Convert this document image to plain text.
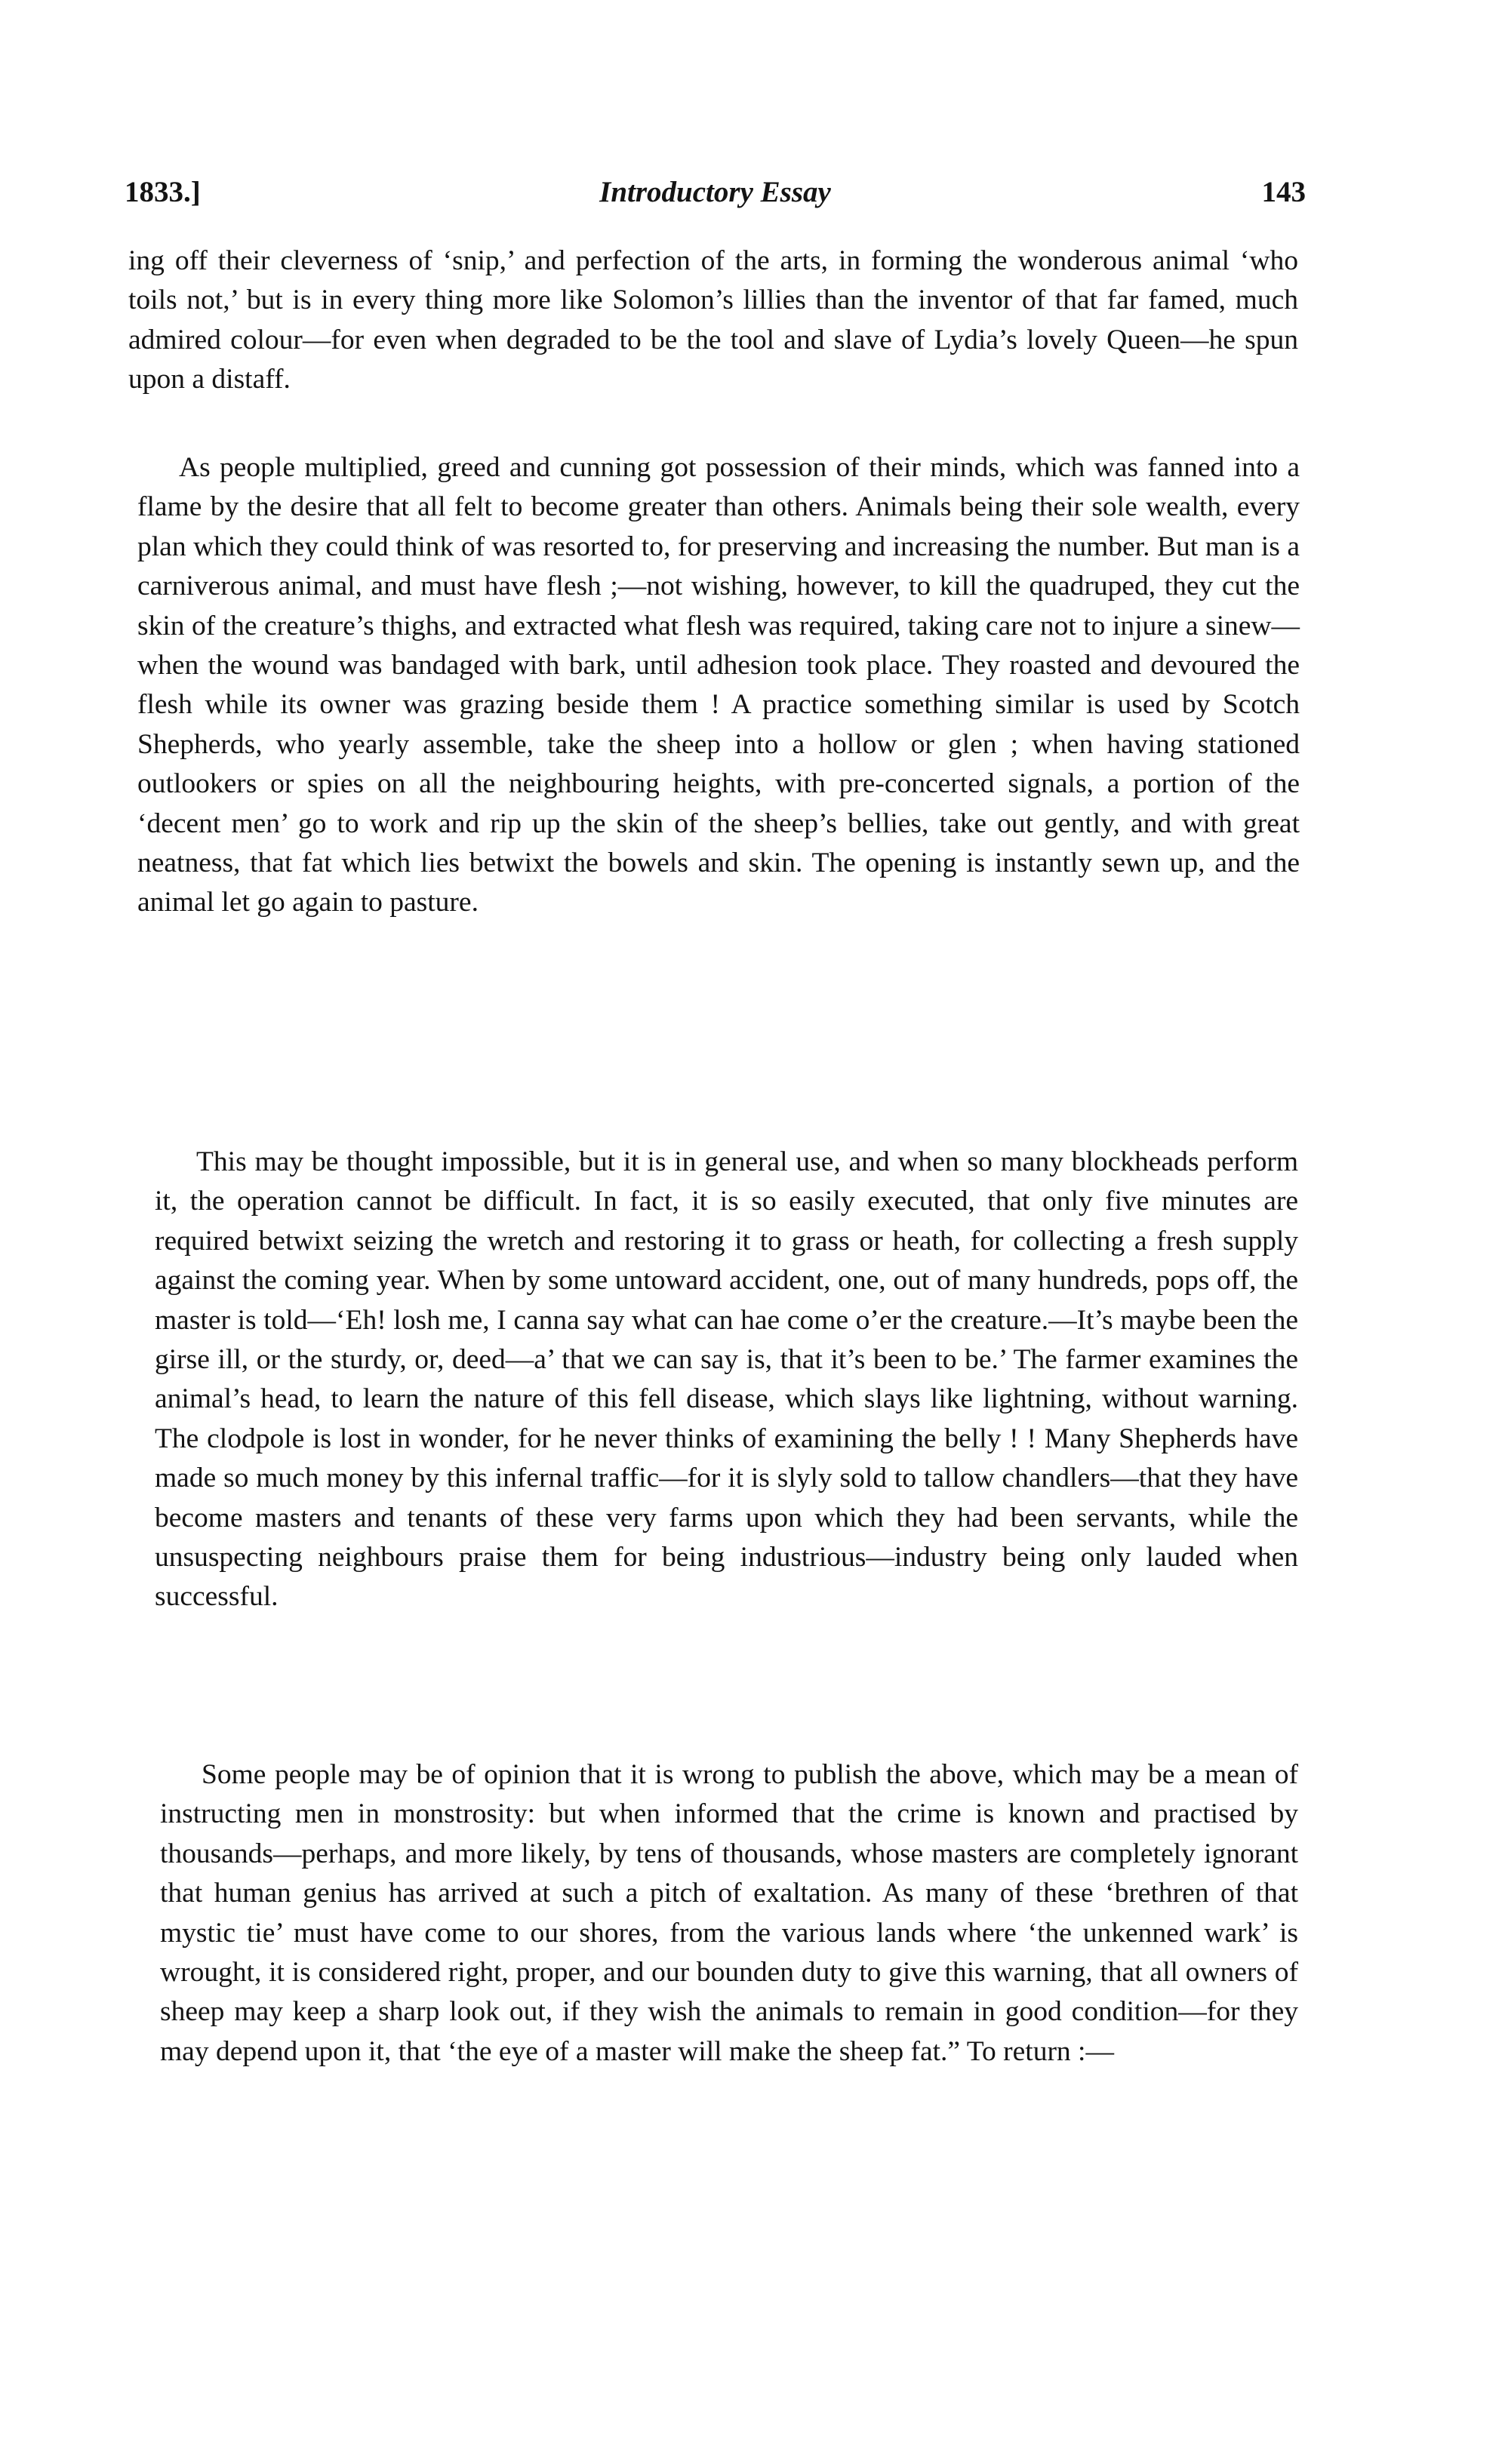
1833.]	Introductory Essay	143

ing off their cleverness of ‘snip,’ and perfection of the arts, in forming the wonderous animal ‘who toils not,’ but is in every thing more like Solomon’s lillies than the inventor of that far famed, much admired colour—for even when degraded to be the tool and slave of Lydia’s lovely Queen—he spun upon a distaff.

As people multiplied, greed and cunning got possession of their minds, which was fanned into a flame by the desire that all felt to become greater than others. Animals being their sole wealth, every plan which they could think of was resorted to, for preserving and increasing the number. But man is a carniverous animal, and must have flesh ;—not wishing, however, to kill the quadruped, they cut the skin of the creature’s thighs, and extracted what flesh was required, taking care not to injure a sinew—when the wound was bandaged with bark, until adhesion took place. They roasted and devoured the flesh while its owner was grazing beside them ! A practice something similar is used by Scotch Shepherds, who yearly assemble, take the sheep into a hollow or glen ; when having stationed outlookers or spies on all the neighbouring heights, with pre-concerted signals, a portion of the ‘decent men’ go to work and rip up the skin of the sheep’s bellies, take out gently, and with great neatness, that fat which lies betwixt the bowels and skin. The opening is instantly sewn up, and the animal let go again to pasture.

This may be thought impossible, but it is in general use, and when so many blockheads perform it, the operation cannot be difficult. In fact, it is so easily executed, that only five minutes are required betwixt seizing the wretch and restoring it to grass or heath, for collecting a fresh supply against the coming year. When by some untoward accident, one, out of many hundreds, pops off, the master is told—‘Eh! losh me, I canna say what can hae come o’er the creature.—It’s maybe been the girse ill, or the sturdy, or, deed—a’ that we can say is, that it’s been to be.’ The farmer examines the animal’s head, to learn the nature of this fell disease, which slays like lightning, without warning. The clodpole is lost in wonder, for he never thinks of examining the belly ! ! Many Shepherds have made so much money by this infernal traffic—for it is slyly sold to tallow chandlers—that they have become masters and tenants of these very farms upon which they had been servants, while the unsuspecting neighbours praise them for being industrious—industry being only lauded when successful.

Some people may be of opinion that it is wrong to publish the above, which may be a mean of instructing men in monstrosity: but when informed that the crime is known and practised by thousands—perhaps, and more likely, by tens of thousands, whose masters are completely ignorant that human genius has arrived at such a pitch of exaltation. As many of these ‘brethren of that mystic tie’ must have come to our shores, from the various lands where ‘the unkenned wark’ is wrought, it is considered right, proper, and our bounden duty to give this warning, that all owners of sheep may keep a sharp look out, if they wish the animals to remain in good condition—for they may depend upon it, that ‘the eye of a master will make the sheep fat.” To return :—
